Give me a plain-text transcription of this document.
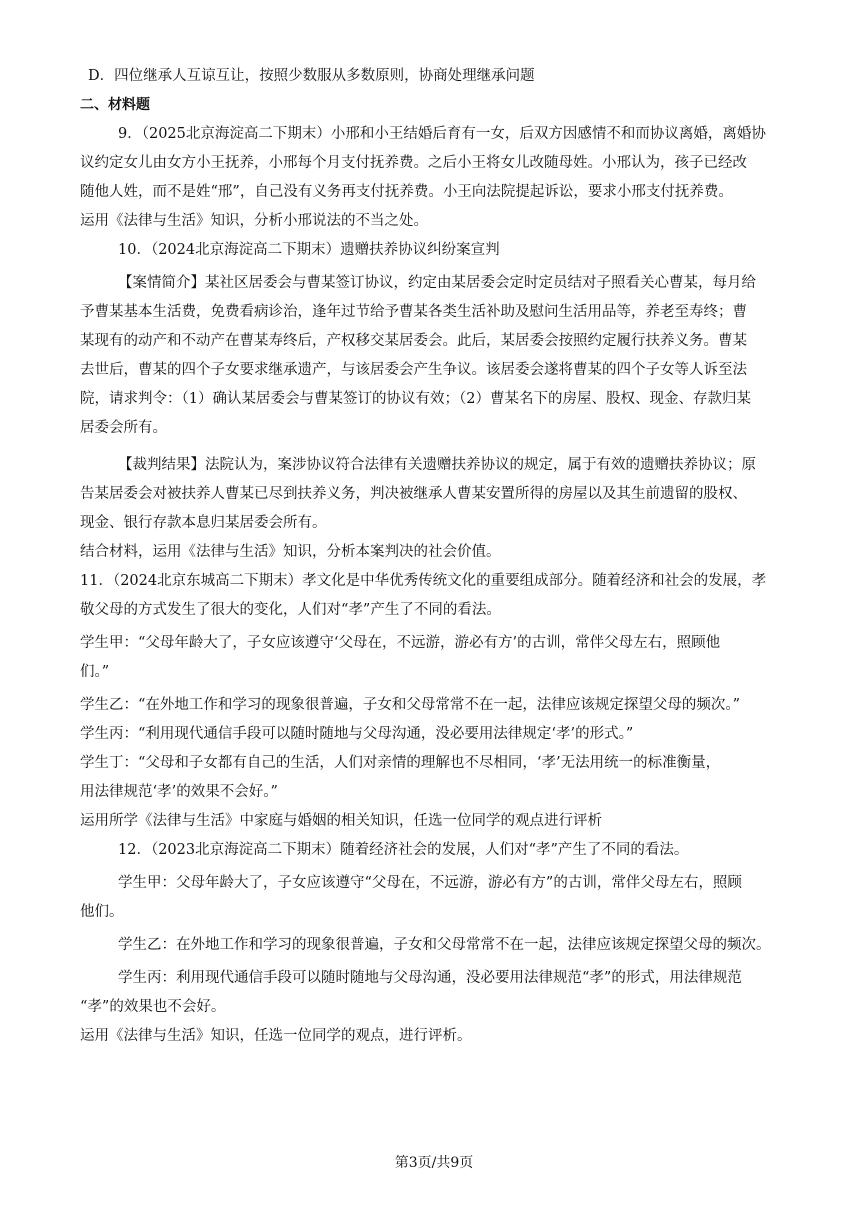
D．四位继承人互谅互让，按照少数服从多数原则，协商处理继承问题
二、材料题
9．（2025北京海淀高二下期末）小邢和小王结婚后育有一女，后双方因感情不和而协议离婚，离婚协
议约定女儿由女方小王抚养，小邢每个月支付抚养费。之后小王将女儿改随母姓。小邢认为，孩子已经改
随他人姓，而不是姓“邢”，自己没有义务再支付抚养费。小王向法院提起诉讼，要求小邢支付抚养费。
运用《法律与生活》知识，分析小邢说法的不当之处。
10．（2024北京海淀高二下期末）遗赠扶养协议纠纷案宣判
【案情简介】某社区居委会与曹某签订协议，约定由某居委会定时定员结对子照看关心曹某，每月给
予曹某基本生活费，免费看病诊治，逢年过节给予曹某各类生活补助及慰问生活用品等，养老至寿终；曹
某现有的动产和不动产在曹某寿终后，产权移交某居委会。此后，某居委会按照约定履行扶养义务。曹某
去世后，曹某的四个子女要求继承遗产，与该居委会产生争议。该居委会遂将曹某的四个子女等人诉至法
院，请求判令：（1）确认某居委会与曹某签订的协议有效；（2）曹某名下的房屋、股权、现金、存款归某
居委会所有。
【裁判结果】法院认为，案涉协议符合法律有关遗赠扶养协议的规定，属于有效的遗赠扶养协议；原
告某居委会对被扶养人曹某已尽到扶养义务，判决被继承人曹某安置所得的房屋以及其生前遗留的股权、
现金、银行存款本息归某居委会所有。
结合材料，运用《法律与生活》知识，分析本案判决的社会价值。
11．（2024北京东城高二下期末）孝文化是中华优秀传统文化的重要组成部分。随着经济和社会的发展，孝
敬父母的方式发生了很大的变化，人们对“孝”产生了不同的看法。
学生甲：“父母年龄大了，子女应该遵守‘父母在，不远游，游必有方’的古训，常伴父母左右，照顾他
们。”
学生乙：“在外地工作和学习的现象很普遍，子女和父母常常不在一起，法律应该规定探望父母的频次。”
学生丙：“利用现代通信手段可以随时随地与父母沟通，没必要用法律规定‘孝’的形式。”
学生丁：“父母和子女都有自己的生活，人们对亲情的理解也不尽相同，‘孝’无法用统一的标准衡量，
用法律规范‘孝’的效果不会好。”
运用所学《法律与生活》中家庭与婚姻的相关知识，任选一位同学的观点进行评析
12．（2023北京海淀高二下期末）随着经济社会的发展，人们对“孝”产生了不同的看法。
学生甲：父母年龄大了，子女应该遵守“父母在，不远游，游必有方”的古训，常伴父母左右，照顾
他们。
学生乙：在外地工作和学习的现象很普遍，子女和父母常常不在一起，法律应该规定探望父母的频次。
学生丙：利用现代通信手段可以随时随地与父母沟通，没必要用法律规范“孝”的形式，用法律规范
“孝”的效果也不会好。
运用《法律与生活》知识，任选一位同学的观点，进行评析。
第3页/共9页
